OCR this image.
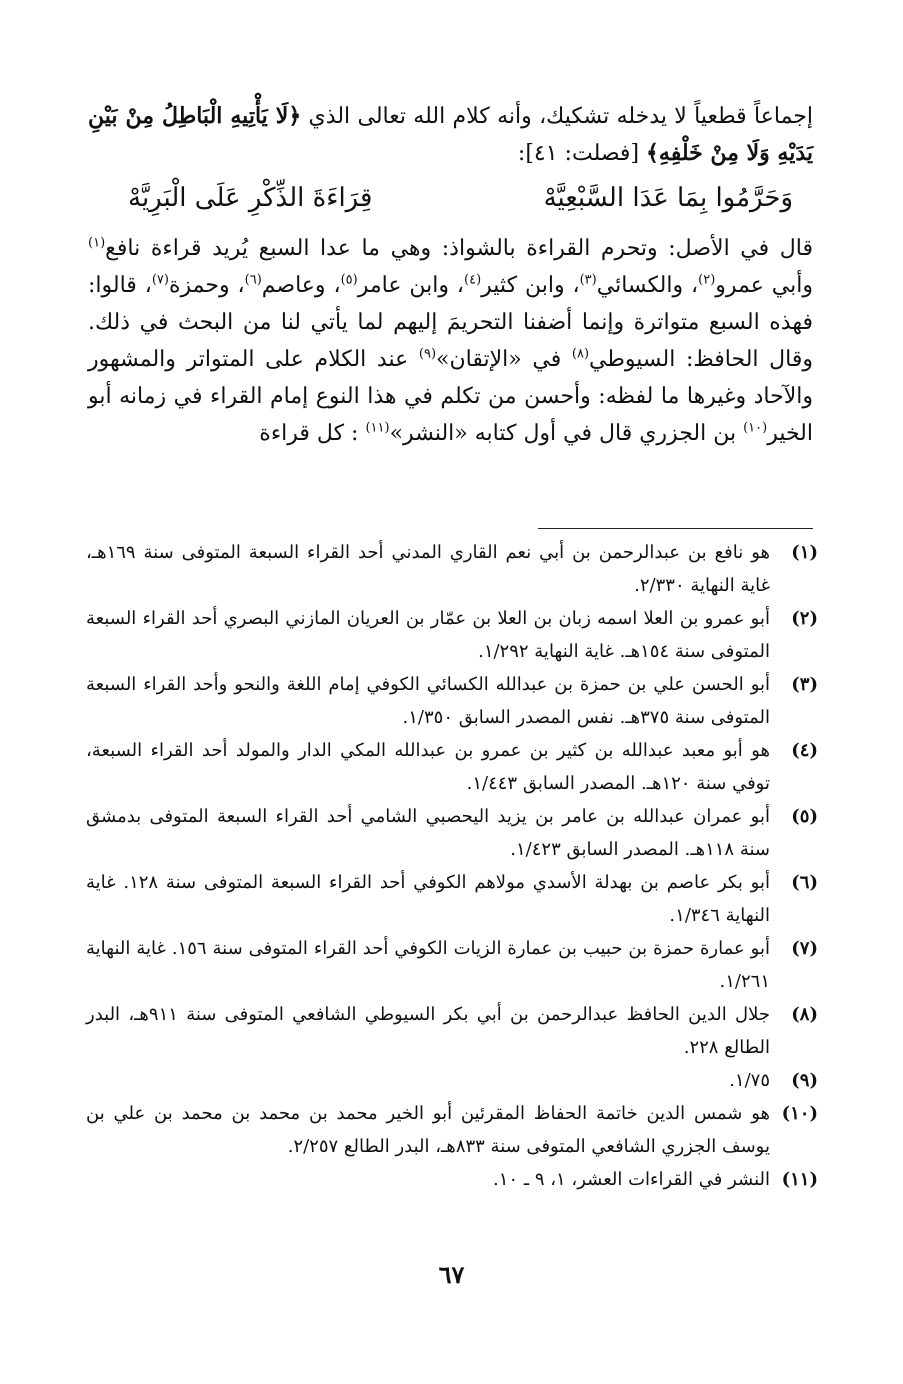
إجماعاً قطعياً لا يدخله تشكيك، وأنه كلام الله تعالى الذي ﴿لَا يَأْتِيهِ الْبَاطِلُ مِنْ بَيْنِ يَدَيْهِ وَلَا مِنْ خَلْفِهِ﴾ [فصلت: ٤١]:

وَحَرَّمُوا بِمَا عَدَا السَّبْعِيَّهْ
قِرَاءَةَ الذِّكْرِ عَلَى الْبَرِيَّهْ

قال في الأصل: وتحرم القراءة بالشواذ: وهي ما عدا السبع يُريد قراءة نافع$^{(١)}$ وأبي عمرو$^{(٢)}$، والكسائي$^{(٣)}$، وابن كثير$^{(٤)}$، وابن عامر$^{(٥)}$، وعاصم$^{(٦)}$، وحمزة$^{(٧)}$، قالوا: فهذه السبع متواترة وإنما أضفنا التحريمَ إليهم لما يأتي لنا من البحث في ذلك. وقال الحافظ: السيوطي$^{(٨)}$ في «الإتقان»$^{(٩)}$ عند الكلام على المتواتر والمشهور والآحاد وغيرها ما لفظه: وأحسن من تكلم في هذا النوع إمام القراء في زمانه أبو الخير$^{(١٠)}$ بن الجزري قال في أول كتابه «النشر»$^{(١١)}$ : كل قراءة

(١)
هو نافع بن عبدالرحمن بن أبي نعم القاري المدني أحد القراء السبعة المتوفى سنة ١٦٩هـ، غاية النهاية ٢/٣٣٠.
(٢)
أبو عمرو بن العلا اسمه زبان بن العلا بن عمّار بن العريان المازني البصري أحد القراء السبعة المتوفى سنة ١٥٤هـ. غاية النهاية ١/٢٩٢.
(٣)
أبو الحسن علي بن حمزة بن عبدالله الكسائي الكوفي إمام اللغة والنحو وأحد القراء السبعة المتوفى سنة ٣٧٥هـ. نفس المصدر السابق ١/٣٥٠.
(٤)
هو أبو معبد عبدالله بن كثير بن عمرو بن عبدالله المكي الدار والمولد أحد القراء السبعة، توفي سنة ١٢٠هـ. المصدر السابق ١/٤٤٣.
(٥)
أبو عمران عبدالله بن عامر بن يزيد اليحصبي الشامي أحد القراء السبعة المتوفى بدمشق سنة ١١٨هـ. المصدر السابق ١/٤٢٣.
(٦)
أبو بكر عاصم بن بهدلة الأسدي مولاهم الكوفي أحد القراء السبعة المتوفى سنة ١٢٨. غاية النهاية ١/٣٤٦.
(٧)
أبو عمارة حمزة بن حبيب بن عمارة الزيات الكوفي أحد القراء المتوفى سنة ١٥٦. غاية النهاية ١/٢٦١.
(٨)
جلال الدين الحافظ عبدالرحمن بن أبي بكر السيوطي الشافعي المتوفى سنة ٩١١هـ، البدر الطالع ٢٢٨.
(٩)
١/٧٥.
(١٠)
هو شمس الدين خاتمة الحفاظ المقرئين أبو الخير محمد بن محمد بن محمد بن علي بن يوسف الجزري الشافعي المتوفى سنة ٨٣٣هـ، البدر الطالع ٢/٢٥٧.
(١١)
النشر في القراءات العشر، ١، ٩ ـ ١٠.
٦٧
